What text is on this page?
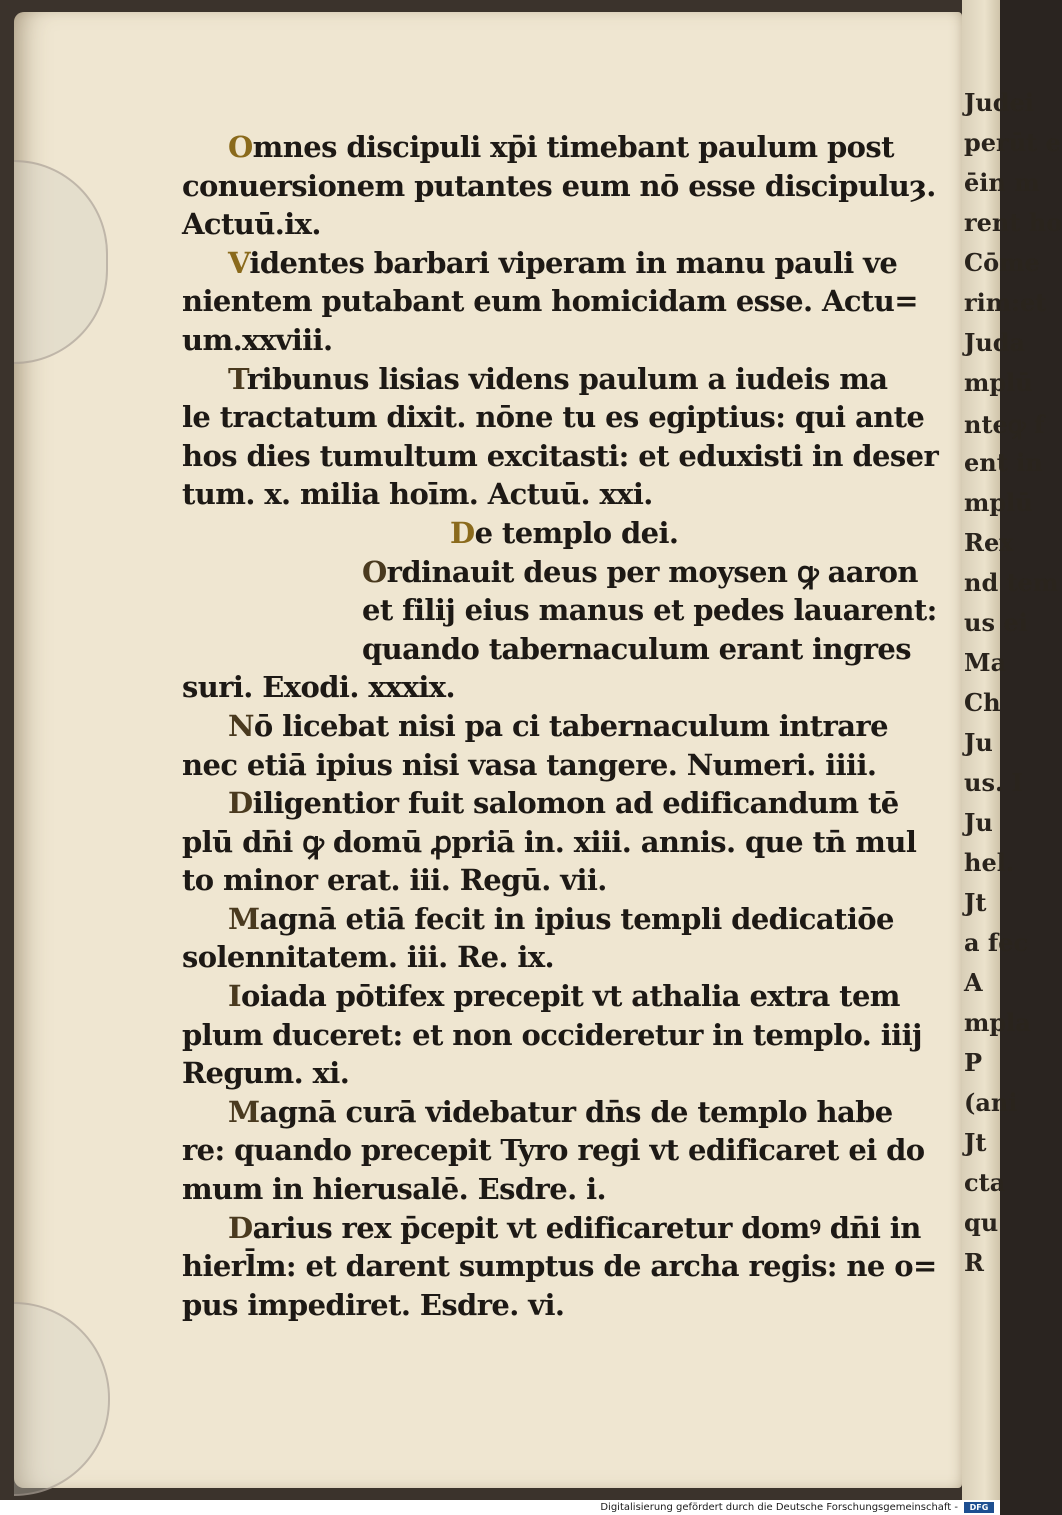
Judei
perūt e
ēin m
rent ho
Cōme
rim:et
Juda
mplū
nteꝙ f
ent in
mplū
Rex
nd tem
us ei
Ma
Ch
Ju
us. I
Ju
hel.
Jt
a fec
A
mpla
P
(ani
Jt
cta
qu
R
Omnes discipuli xp̄i timebant paulum post
conuersionem putantes eum nō esse discipuluȝ.
Actuū.ix.
Videntes barbari viperam in manu pauli ve
nientem putabant eum homicidam esse. Actu=
um.xxviii.
Tribunus lisias videns paulum a iudeis ma
le tractatum dixit. nōne tu es egiptius: qui ante
hos dies tumultum excitasti: et eduxisti in deser
tum. x. milia hoīm. Actuū. xxi.
De templo dei.
Ordinauit deus per moysen ꝙ aaron
et filij eius manus et pedes lauarent:
quando tabernaculum erant ingres
suri. Exodi. xxxix.
Nō licebat nisi pa ci tabernaculum intrare
nec etiā ipius nisi vasa tangere. Numeri. iiii.
Diligentior fuit salomon ad edificandum tē
plū dn̄i ꝙ domū ꝓpriā in. xiii. annis. que tn̄ mul
to minor erat. iii. Regū. vii.
Magnā etiā fecit in ipius templi dedicatiōe
solennitatem. iii. Re. ix.
Ioiada pōtifex precepit vt athalia extra tem
plum duceret: et non occideretur in templo. iiij
Regum. xi.
Magnā curā videbatur dn̄s de templo habe
re: quando precepit Tyro regi vt edificaret ei do
mum in hierusalē. Esdre. i.
Darius rex p̄cepit vt edificaretur domꝰ dn̄i in
hierl̄m: et darent sumptus de archa regis: ne o=
pus impediret. Esdre. vi.
Digitalisierung gefördert durch die Deutsche Forschungsgemeinschaft -	DFG
